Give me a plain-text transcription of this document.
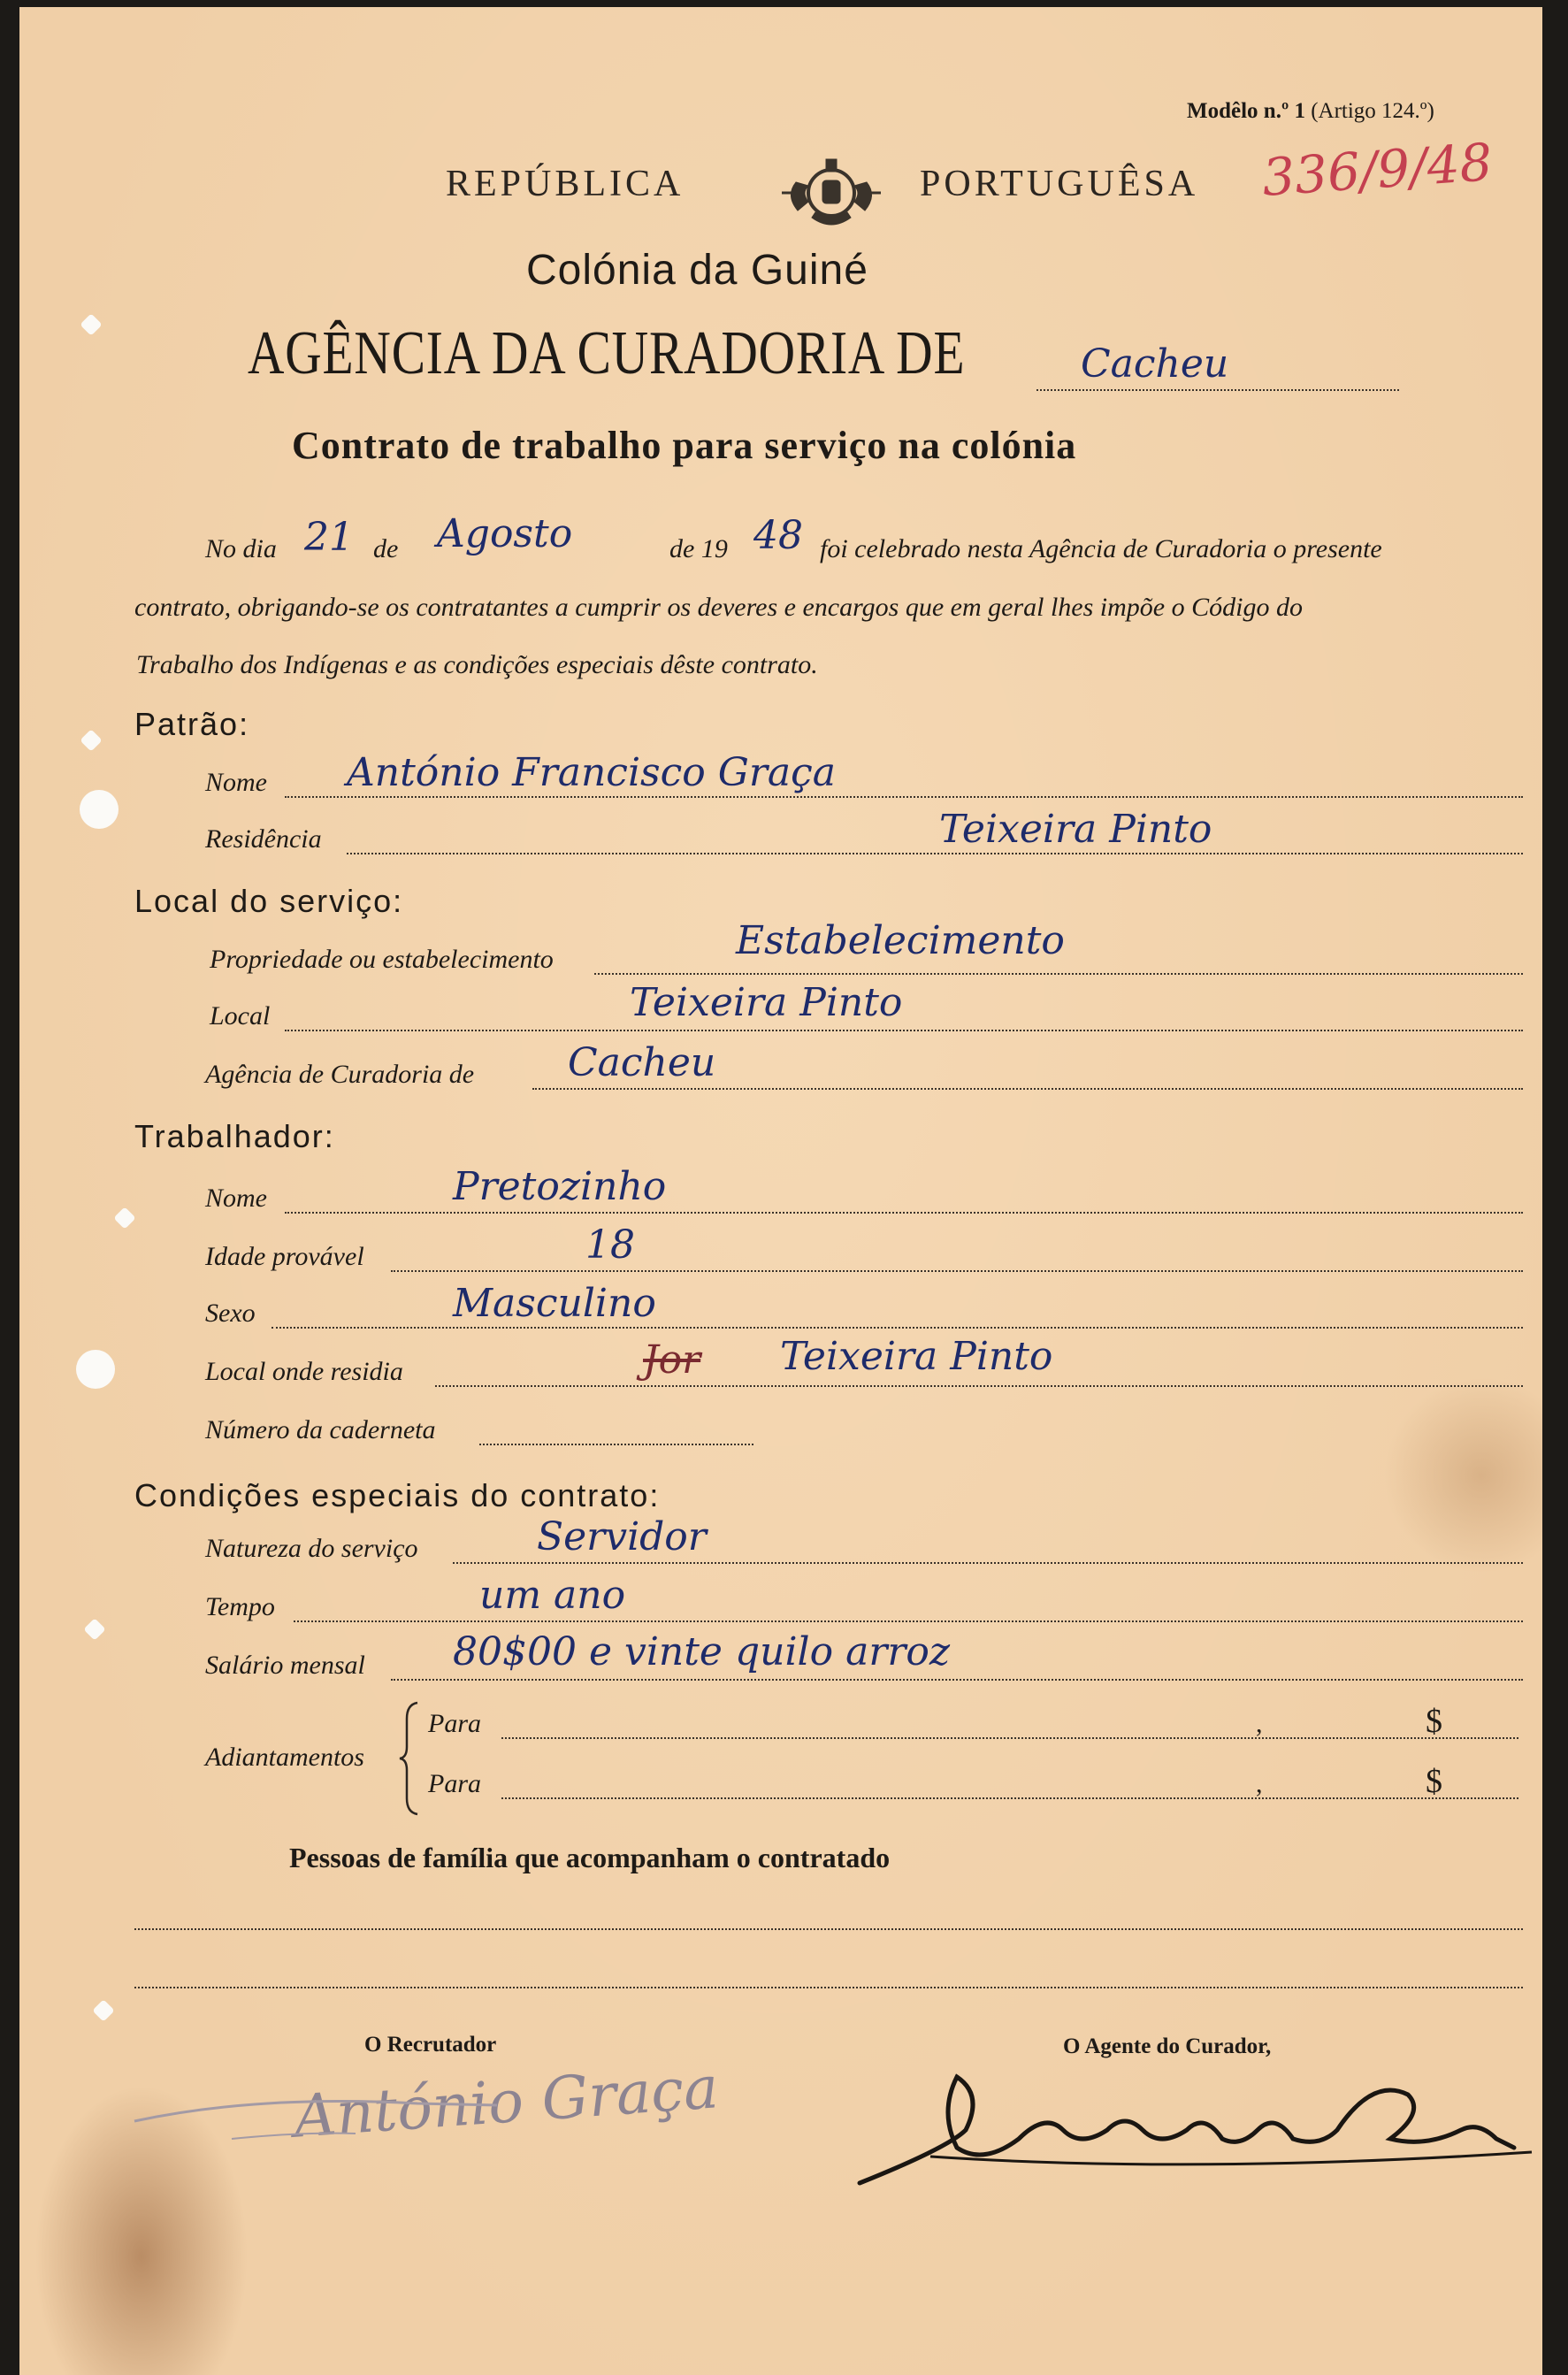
Modêlo n.º 1 (Artigo 124.º)
REPÚBLICA	PORTUGUÊSA 336/9/48
Colónia da Guiné
AGÊNCIA DA CURADORIA DE	Cacheu
Contrato de trabalho para serviço na colónia
No dia 21 de Agosto	de 19 48 foi celebrado nesta Agência de Curadoria o presente
contrato, obrigando-se os contratantes a cumprir os deveres e encargos que em geral lhes impõe o Código do
Trabalho dos Indígenas e as condições especiais dêste contrato.
Patrão:
Nome António Francisco Graça
Residência	Teixeira Pinto
Local do serviço:
Propriedade ou estabelecimento	Estabelecimento
Local	Teixeira Pinto
Agência de Curadoria de Cacheu
Trabalhador:
Nome	Pretozinho
Idade provável	18
Sexo	Masculino
Local onde residia	Jor Teixeira Pinto
Número da caderneta
Condições especiais do contrato:
Natureza do serviço	Servidor
Tempo	um ano
Salário mensal 80$00 e vinte quilo arroz
Adiantamentos
Para	,	$
Para	,	$
Pessoas de família que acompanham o contratado
O Recrutador	O Agente do Curador,
António Graça
